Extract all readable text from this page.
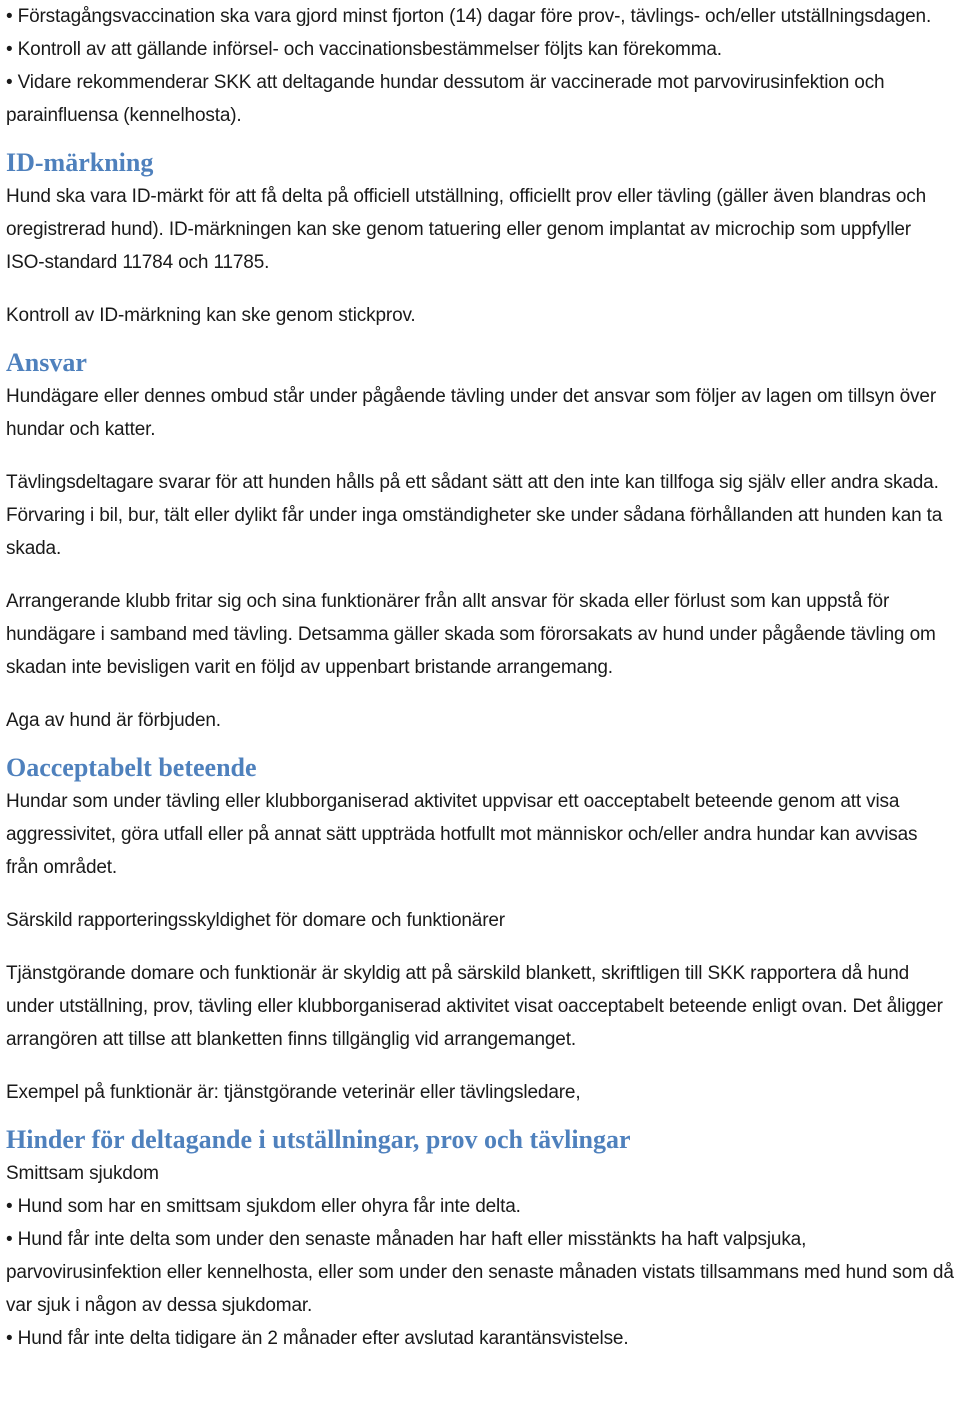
• Förstagångsvaccination ska vara gjord minst fjorton (14) dagar före prov-, tävlings- och/eller utställningsdagen.

• Kontroll av att gällande införsel- och vaccinationsbestämmelser följts kan förekomma.

• Vidare rekommenderar SKK att deltagande hundar dessutom är vaccinerade mot parvovirusinfektion och parainfluensa (kennelhosta).

ID-märkning

Hund ska vara ID-märkt för att få delta på officiell utställning, officiellt prov eller tävling (gäller även blandras och oregistrerad hund). ID-märkningen kan ske genom tatuering eller genom implantat av microchip som uppfyller ISO-standard 11784 och 11785.

Kontroll av ID-märkning kan ske genom stickprov.

Ansvar

Hundägare eller dennes ombud står under pågående tävling under det ansvar som följer av lagen om tillsyn över hundar och katter.

Tävlingsdeltagare svarar för att hunden hålls på ett sådant sätt att den inte kan tillfoga sig själv eller andra skada. Förvaring i bil, bur, tält eller dylikt får under inga omständigheter ske under sådana förhållanden att hunden kan ta skada.

Arrangerande klubb fritar sig och sina funktionärer från allt ansvar för skada eller förlust som kan uppstå för hundägare i samband med tävling. Detsamma gäller skada som förorsakats av hund under pågående tävling om skadan inte bevisligen varit en följd av uppenbart bristande arrangemang.

Aga av hund är förbjuden.

Oacceptabelt beteende

Hundar som under tävling eller klubborganiserad aktivitet uppvisar ett oacceptabelt beteende genom att visa aggressivitet, göra utfall eller på annat sätt uppträda hotfullt mot människor och/eller andra hundar kan avvisas från området.

Särskild rapporteringsskyldighet för domare och funktionärer

Tjänstgörande domare och funktionär är skyldig att på särskild blankett, skriftligen till SKK rapportera då hund under utställning, prov, tävling eller klubborganiserad aktivitet visat oacceptabelt beteende enligt ovan. Det åligger arrangören att tillse att blanketten finns tillgänglig vid arrangemanget.

Exempel på funktionär är: tjänstgörande veterinär eller tävlingsledare,

Hinder för deltagande i utställningar, prov och tävlingar

Smittsam sjukdom

• Hund som har en smittsam sjukdom eller ohyra får inte delta.

• Hund får inte delta som under den senaste månaden har haft eller misstänkts ha haft valpsjuka, parvovirusinfektion eller kennelhosta, eller som under den senaste månaden vistats tillsammans med hund som då var sjuk i någon av dessa sjukdomar.

• Hund får inte delta tidigare än 2 månader efter avslutad karantänsvistelse.
